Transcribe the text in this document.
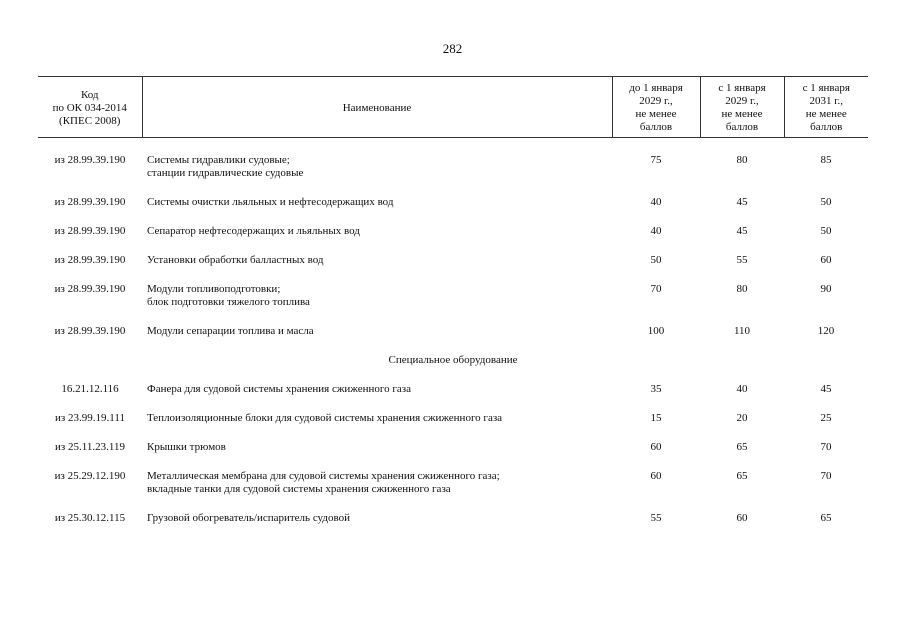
282
Код
по ОК 034-2014
(КПЕС 2008)	Наименование	до 1 января
2029 г.,
не менее
баллов	с 1 января
2029 г.,
не менее
баллов	с 1 января
2031 г.,
не менее
баллов

из 28.99.39.190	Системы гидравлики судовые;
станции гидравлические судовые	75	80	85

из 28.99.39.190	Системы очистки льяльных и нефтесодержащих вод	40	45	50

из 28.99.39.190	Сепаратор нефтесодержащих и льяльных вод	40	45	50

из 28.99.39.190	Установки обработки балластных вод	50	55	60

из 28.99.39.190	Модули топливоподготовки;
блок подготовки тяжелого топлива	70	80	90

из 28.99.39.190	Модули сепарации топлива и масла	100	110	120

Специальное оборудование				

16.21.12.116	Фанера для судовой системы хранения сжиженного газа	35	40	45

из 23.99.19.111	Теплоизоляционные блоки для судовой системы хранения сжиженного газа	15	20	25

из 25.11.23.119	Крышки трюмов	60	65	70

из 25.29.12.190	Металлическая мембрана для судовой системы хранения сжиженного газа;
вкладные танки для судовой системы хранения сжиженного газа	60	65	70

из 25.30.12.115	Грузовой обогреватель/испаритель судовой	55	60	65
